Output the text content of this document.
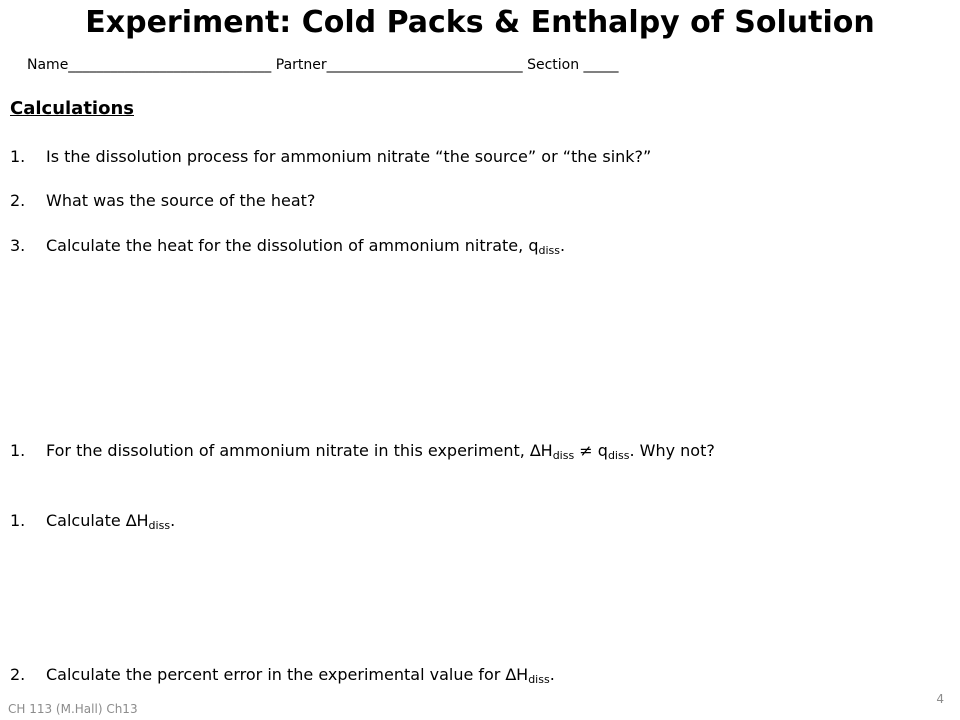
Experiment: Cold Packs & Enthalpy of Solution
Name_____________________________ Partner____________________________ Section _____
Calculations
1. Is the dissolution process for ammonium nitrate “the source” or “the sink?”
2. What was the source of the heat?
3. Calculate the heat for the dissolution of ammonium nitrate, $q_{diss}$.
1. For the dissolution of ammonium nitrate in this experiment, $\Delta H_{diss} \ne q_{diss}$. Why not?
1. Calculate $\Delta H_{diss}$.
2. Calculate the percent error in the experimental value for $\Delta H_{diss}$.
CH 113 (M.Hall) Ch13
4
